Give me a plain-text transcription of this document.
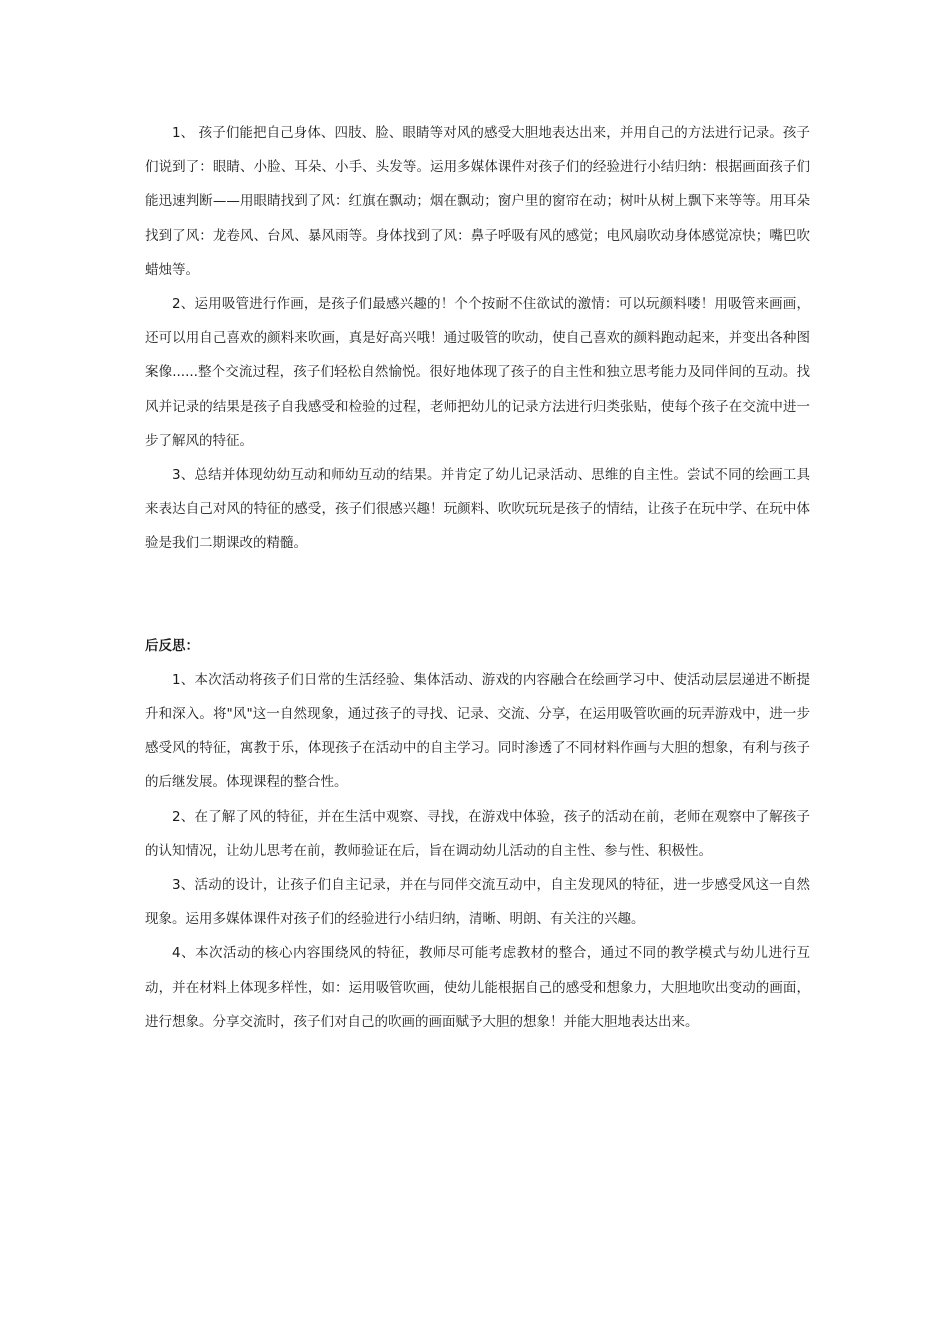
1、 孩子们能把自己身体、四肢、脸、眼睛等对风的感受大胆地表达出来，并用自己的方法进行记录。孩子们说到了：眼睛、小脸、耳朵、小手、头发等。运用多媒体课件对孩子们的经验进行小结归纳：根据画面孩子们能迅速判断——用眼睛找到了风：红旗在飘动；烟在飘动；窗户里的窗帘在动；树叶从树上飘下来等等。用耳朵找到了风：龙卷风、台风、暴风雨等。身体找到了风：鼻子呼吸有风的感觉；电风扇吹动身体感觉凉快；嘴巴吹蜡烛等。

2、运用吸管进行作画，是孩子们最感兴趣的！个个按耐不住欲试的激情：可以玩颜料喽！用吸管来画画，还可以用自己喜欢的颜料来吹画，真是好高兴哦！通过吸管的吹动，使自己喜欢的颜料跑动起来，并变出各种图案像......整个交流过程，孩子们轻松自然愉悦。很好地体现了孩子的自主性和独立思考能力及同伴间的互动。找风并记录的结果是孩子自我感受和检验的过程，老师把幼儿的记录方法进行归类张贴，使每个孩子在交流中进一步了解风的特征。

3、总结并体现幼幼互动和师幼互动的结果。并肯定了幼儿记录活动、思维的自主性。尝试不同的绘画工具来表达自己对风的特征的感受，孩子们很感兴趣！玩颜料、吹吹玩玩是孩子的情结，让孩子在玩中学、在玩中体验是我们二期课改的精髓。

后反思：

1、本次活动将孩子们日常的生活经验、集体活动、游戏的内容融合在绘画学习中、使活动层层递进不断提升和深入。将"风"这一自然现象，通过孩子的寻找、记录、交流、分享，在运用吸管吹画的玩弄游戏中，进一步感受风的特征，寓教于乐，体现孩子在活动中的自主学习。同时渗透了不同材料作画与大胆的想象，有利与孩子的后继发展。体现课程的整合性。

2、在了解了风的特征，并在生活中观察、寻找，在游戏中体验，孩子的活动在前，老师在观察中了解孩子的认知情况，让幼儿思考在前，教师验证在后，旨在调动幼儿活动的自主性、参与性、积极性。

3、活动的设计，让孩子们自主记录，并在与同伴交流互动中，自主发现风的特征，进一步感受风这一自然现象。运用多媒体课件对孩子们的经验进行小结归纳，清晰、明朗、有关注的兴趣。

4、本次活动的核心内容围绕风的特征，教师尽可能考虑教材的整合，通过不同的教学模式与幼儿进行互动，并在材料上体现多样性，如：运用吸管吹画，使幼儿能根据自己的感受和想象力，大胆地吹出变动的画面，进行想象。分享交流时，孩子们对自己的吹画的画面赋予大胆的想象！并能大胆地表达出来。
